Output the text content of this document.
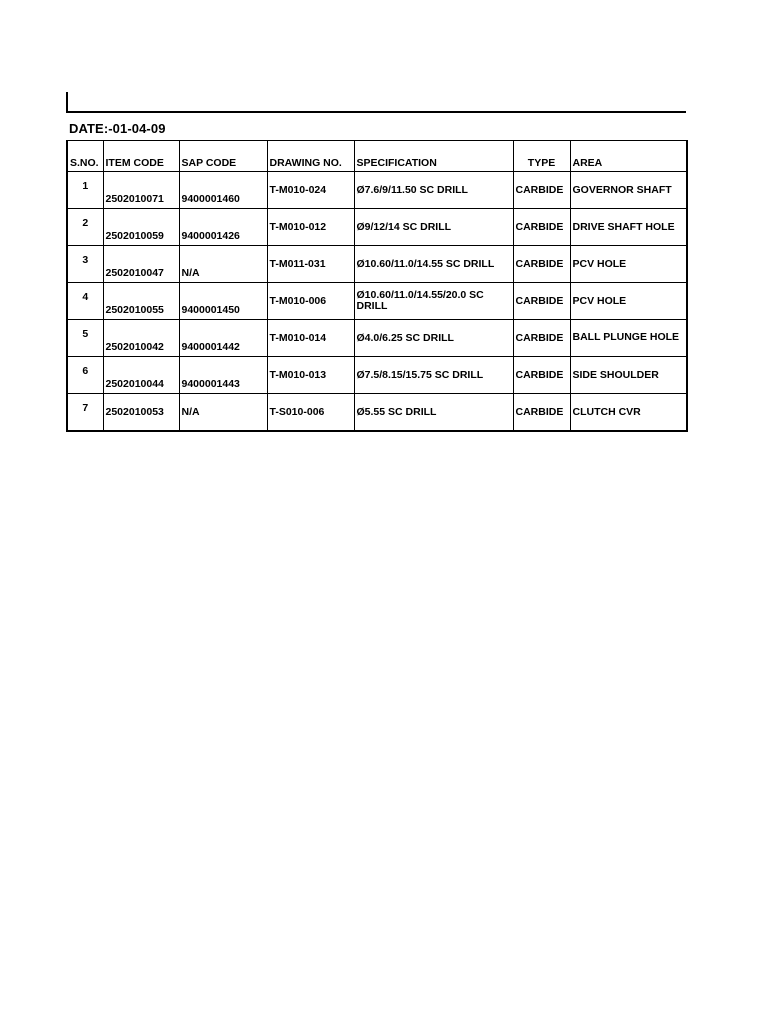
DATE:-01-04-09
S.NO.	ITEM CODE	SAP CODE	DRAWING NO.	SPECIFICATION	TYPE	AREA
1	2502010071	9400001460	T-M010-024	Ø7.6/9/11.50 SC DRILL	CARBIDE	GOVERNOR SHAFT
2	2502010059	9400001426	T-M010-012	Ø9/12/14 SC DRILL	CARBIDE	DRIVE SHAFT HOLE
3	2502010047	N/A	T-M011-031	Ø10.60/11.0/14.55 SC DRILL	CARBIDE	PCV HOLE
4	2502010055	9400001450	T-M010-006	Ø10.60/11.0/14.55/20.0 SC DRILL	CARBIDE	PCV HOLE
5	2502010042	9400001442	T-M010-014	Ø4.0/6.25 SC DRILL	CARBIDE	BALL PLUNGE HOLE
6	2502010044	9400001443	T-M010-013	Ø7.5/8.15/15.75 SC DRILL	CARBIDE	SIDE SHOULDER
7	2502010053	N/A	T-S010-006	Ø5.55 SC DRILL	CARBIDE	CLUTCH CVR
